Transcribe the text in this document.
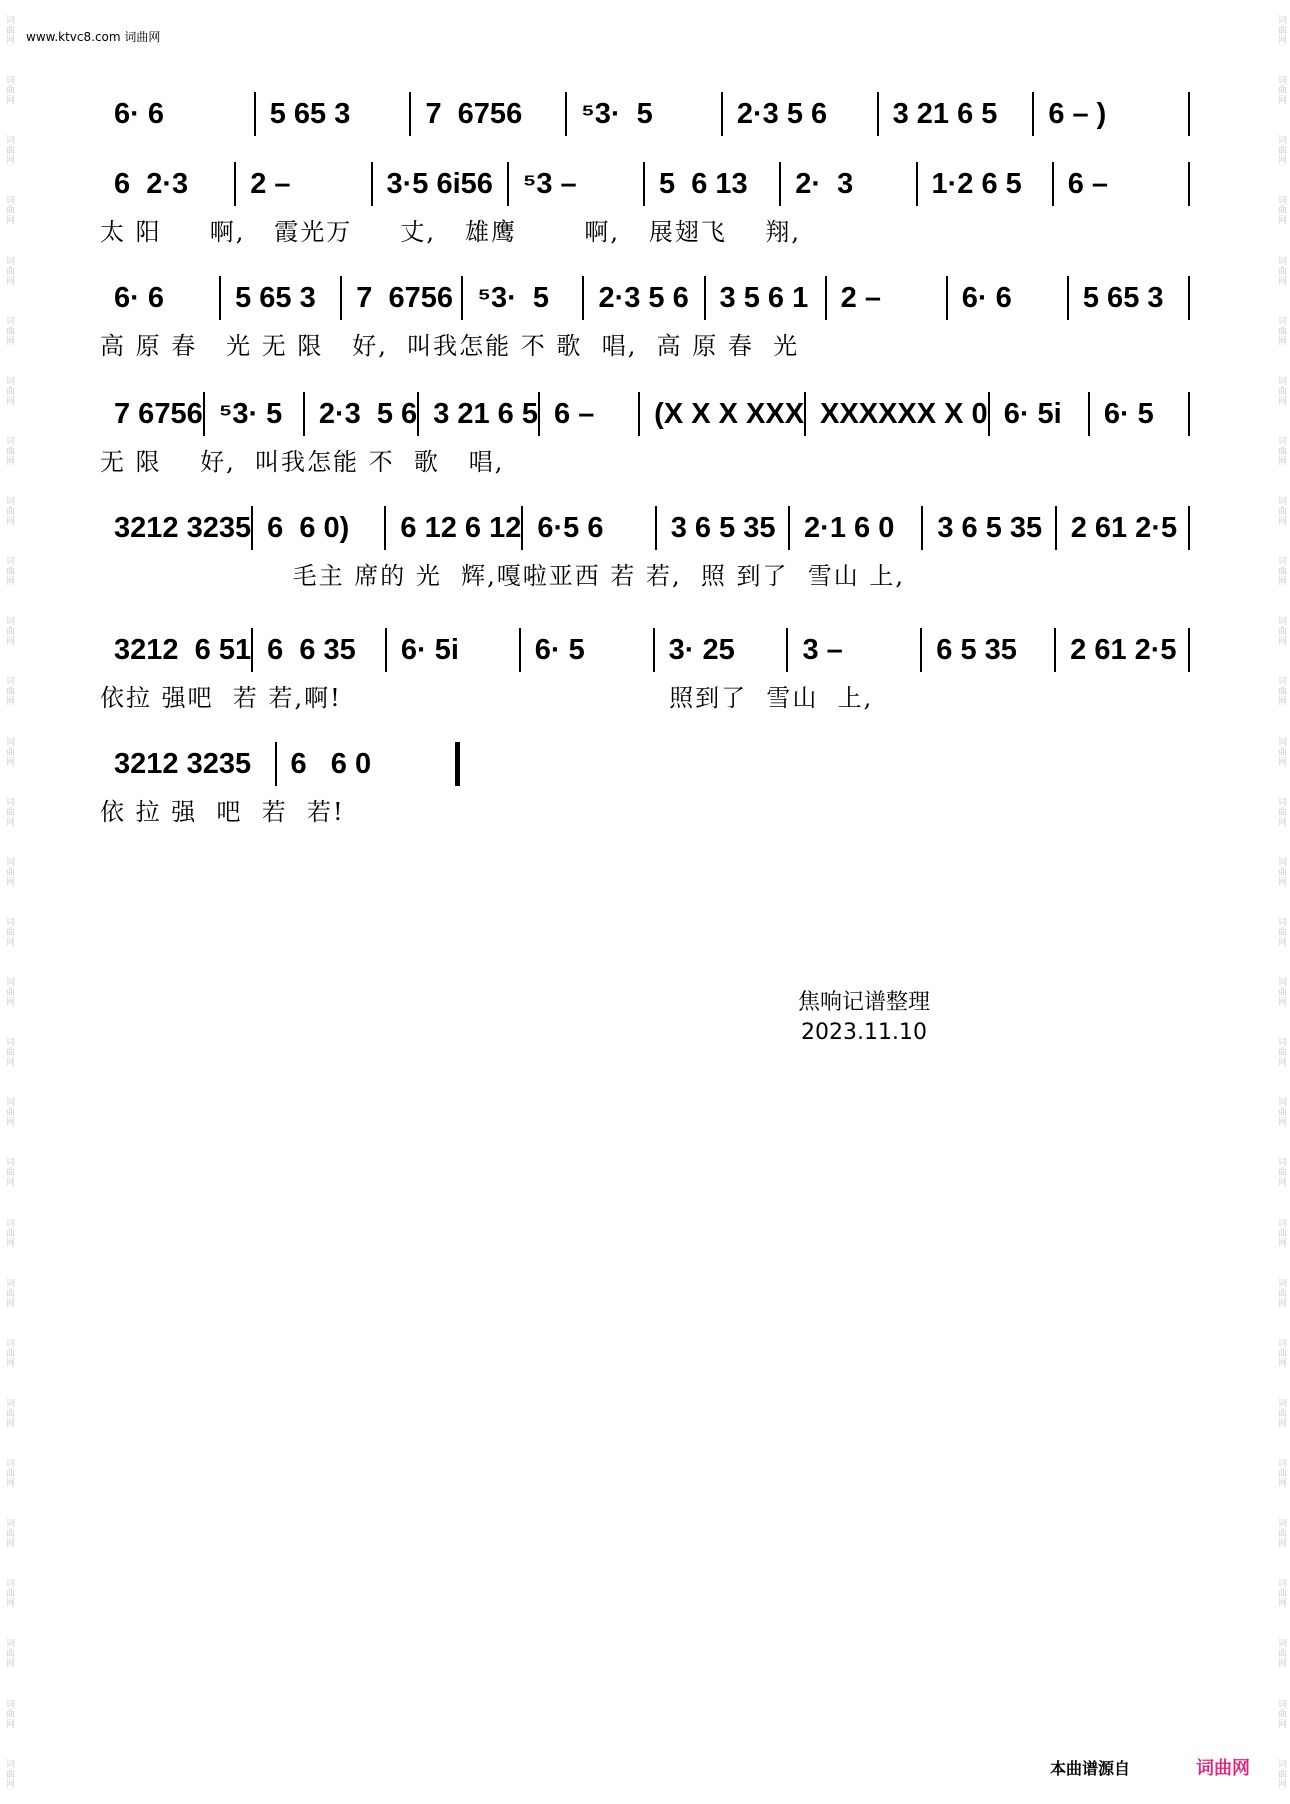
词曲网
词曲网
词曲网
词曲网
词曲网
词曲网
词曲网
词曲网
词曲网
词曲网
词曲网
词曲网
词曲网
词曲网
词曲网
词曲网
词曲网
词曲网
词曲网
词曲网
词曲网
词曲网
词曲网
词曲网
词曲网
词曲网
词曲网
词曲网
词曲网
词曲网
词曲网
词曲网
词曲网
词曲网
词曲网
词曲网
词曲网
词曲网
词曲网
词曲网
词曲网
词曲网
词曲网
词曲网
词曲网
词曲网
词曲网
词曲网
词曲网
词曲网
词曲网
词曲网
词曲网
词曲网
词曲网
词曲网
词曲网
词曲网
词曲网
词曲网
www.ktvc8.com 词曲网
6· 6	5 65 3	7  6756	⁵3·  5	2·3 5 6	3 21 6 5	6 – )
6  2·3	2 –	3·5 6i56	⁵3 –	5  6 13	2·  3	1·2 6 5	6 –
太 阳     啊,   霞光万     丈,   雄鹰       啊,   展翅飞    翔,
6· 6	5 65 3	7  6756 ⁵3·  5	2·3 5 6	3 5 6 1	2 –	6· 6	5 65 3
高 原 春   光 无 限   好,  叫我怎能 不 歌  唱,  高 原 春  光
7 6756 ⁵3· 5	2·3  5 6 3 21 6 5 6 –	(X X X XXX XXXXXX X 0 6· 5i	6· 5
无 限    好,  叫我怎能 不  歌   唱,
3212 3235 6  6 0)	6 12 6 12 6·5 6	3 6 5 35 2·1 6 0	3 6 5 35 2 61 2·5
毛主 席的 光  辉,嘎啦亚西 若 若,  照 到了  雪山 上,
3212  6 51 6  6 35	6· 5i	6· 5	3· 25	3 –	6 5 35	2 61 2·5
依拉 强吧  若 若,啊!                                  照到了  雪山  上,
3212 3235	6   6 0
依 拉 强  吧  若  若!
焦响记谱整理
2023.11.10
本曲谱源自	词曲网
